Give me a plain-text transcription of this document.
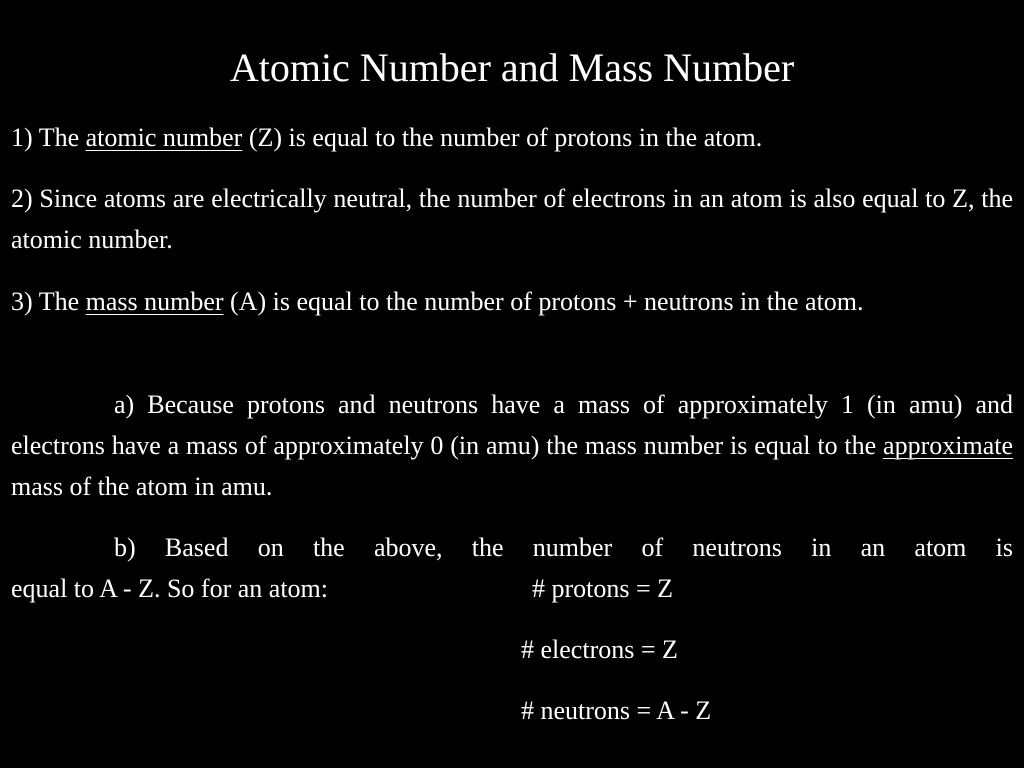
Atomic Number and Mass Number
1) The atomic number (Z) is equal to the number of protons in the atom.
2) Since atoms are electrically neutral, the number of electrons in an atom is also equal to Z, the atomic number.
3) The mass number (A) is equal to the number of protons + neutrons in the atom.
a) Because protons and neutrons have a mass of approximately 1 (in amu) and electrons have a mass of approximately 0 (in amu) the mass number is equal to the approximate mass of the atom in amu.
b) Based on the above, the number of neutrons in an atom is
equal to A - Z. So for an atom:	# protons = Z
# electrons = Z
# neutrons = A - Z
